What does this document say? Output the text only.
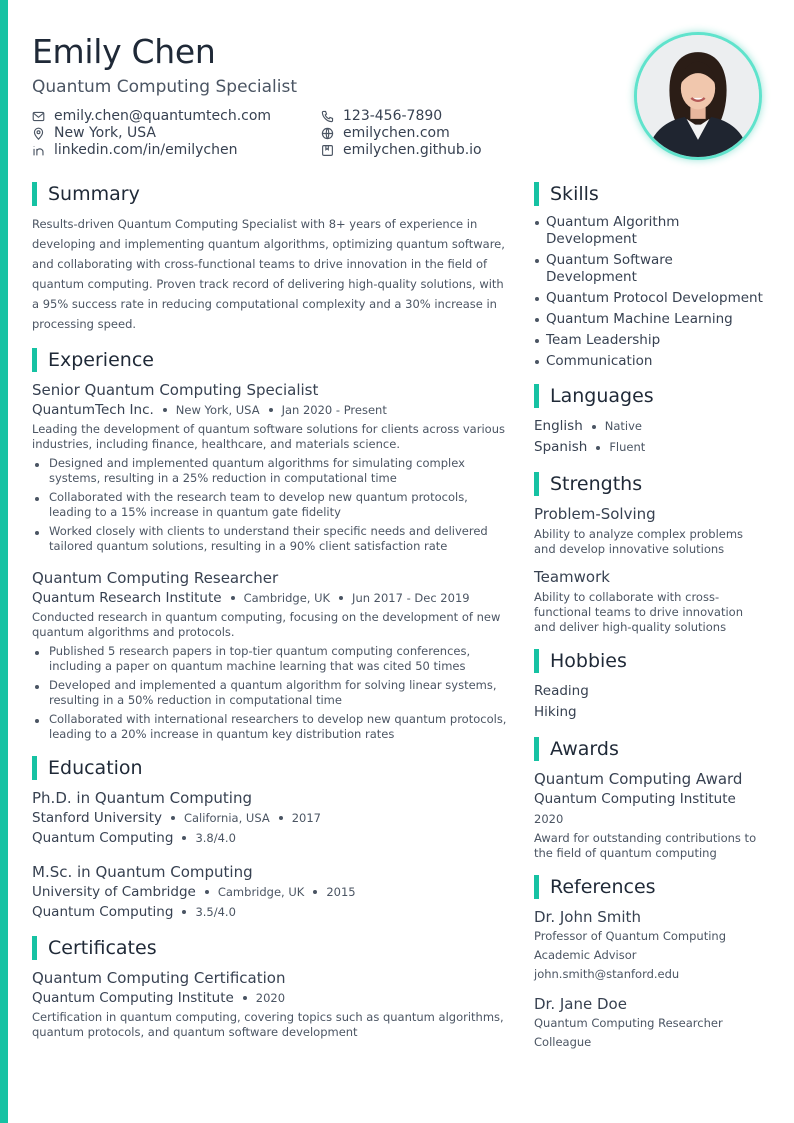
Emily Chen
Quantum Computing Specialist
emily.chen@quantumtech.com
New York, USA
linkedin.com/in/emilychen
123-456-7890
emilychen.com
emilychen.github.io
Summary

Results-driven Quantum Computing Specialist with 8+ years of experience in developing and implementing quantum algorithms, optimizing quantum software, and collaborating with cross-functional teams to drive innovation in the field of quantum computing. Proven track record of delivering high-quality solutions, with a 95% success rate in reducing computational complexity and a 30% increase in processing speed.

Experience
Senior Quantum Computing Specialist
QuantumTech Inc. New York, USA Jan 2020 - Present
Leading the development of quantum software solutions for clients across various industries, including finance, healthcare, and materials science.
Designed and implemented quantum algorithms for simulating complex systems, resulting in a 25% reduction in computational time
Collaborated with the research team to develop new quantum protocols, leading to a 15% increase in quantum gate fidelity
Worked closely with clients to understand their specific needs and delivered tailored quantum solutions, resulting in a 90% client satisfaction rate
Quantum Computing Researcher
Quantum Research Institute Cambridge, UK Jun 2017 - Dec 2019
Conducted research in quantum computing, focusing on the development of new quantum algorithms and protocols.
Published 5 research papers in top-tier quantum computing conferences, including a paper on quantum machine learning that was cited 50 times
Developed and implemented a quantum algorithm for solving linear systems, resulting in a 50% reduction in computational time
Collaborated with international researchers to develop new quantum protocols, leading to a 20% increase in quantum key distribution rates
Education
Ph.D. in Quantum Computing
Stanford University California, USA 2017
Quantum Computing 3.8/4.0
M.Sc. in Quantum Computing
University of Cambridge Cambridge, UK 2015
Quantum Computing 3.5/4.0
Certificates
Quantum Computing Certification
Quantum Computing Institute 2020
Certification in quantum computing, covering topics such as quantum algorithms, quantum protocols, and quantum software development
Skills
Quantum Algorithm Development
Quantum Software Development
Quantum Protocol Development
Quantum Machine Learning
Team Leadership
Communication
Languages
English Native
Spanish Fluent
Strengths
Problem-Solving
Ability to analyze complex problems and develop innovative solutions
Teamwork
Ability to collaborate with cross-functional teams to drive innovation and deliver high-quality solutions
Hobbies
Reading
Hiking
Awards
Quantum Computing Award
Quantum Computing Institute
2020
Award for outstanding contributions to the field of quantum computing
References
Dr. John Smith
Professor of Quantum Computing
Academic Advisor
john.smith@stanford.edu
Dr. Jane Doe
Quantum Computing Researcher
Colleague
